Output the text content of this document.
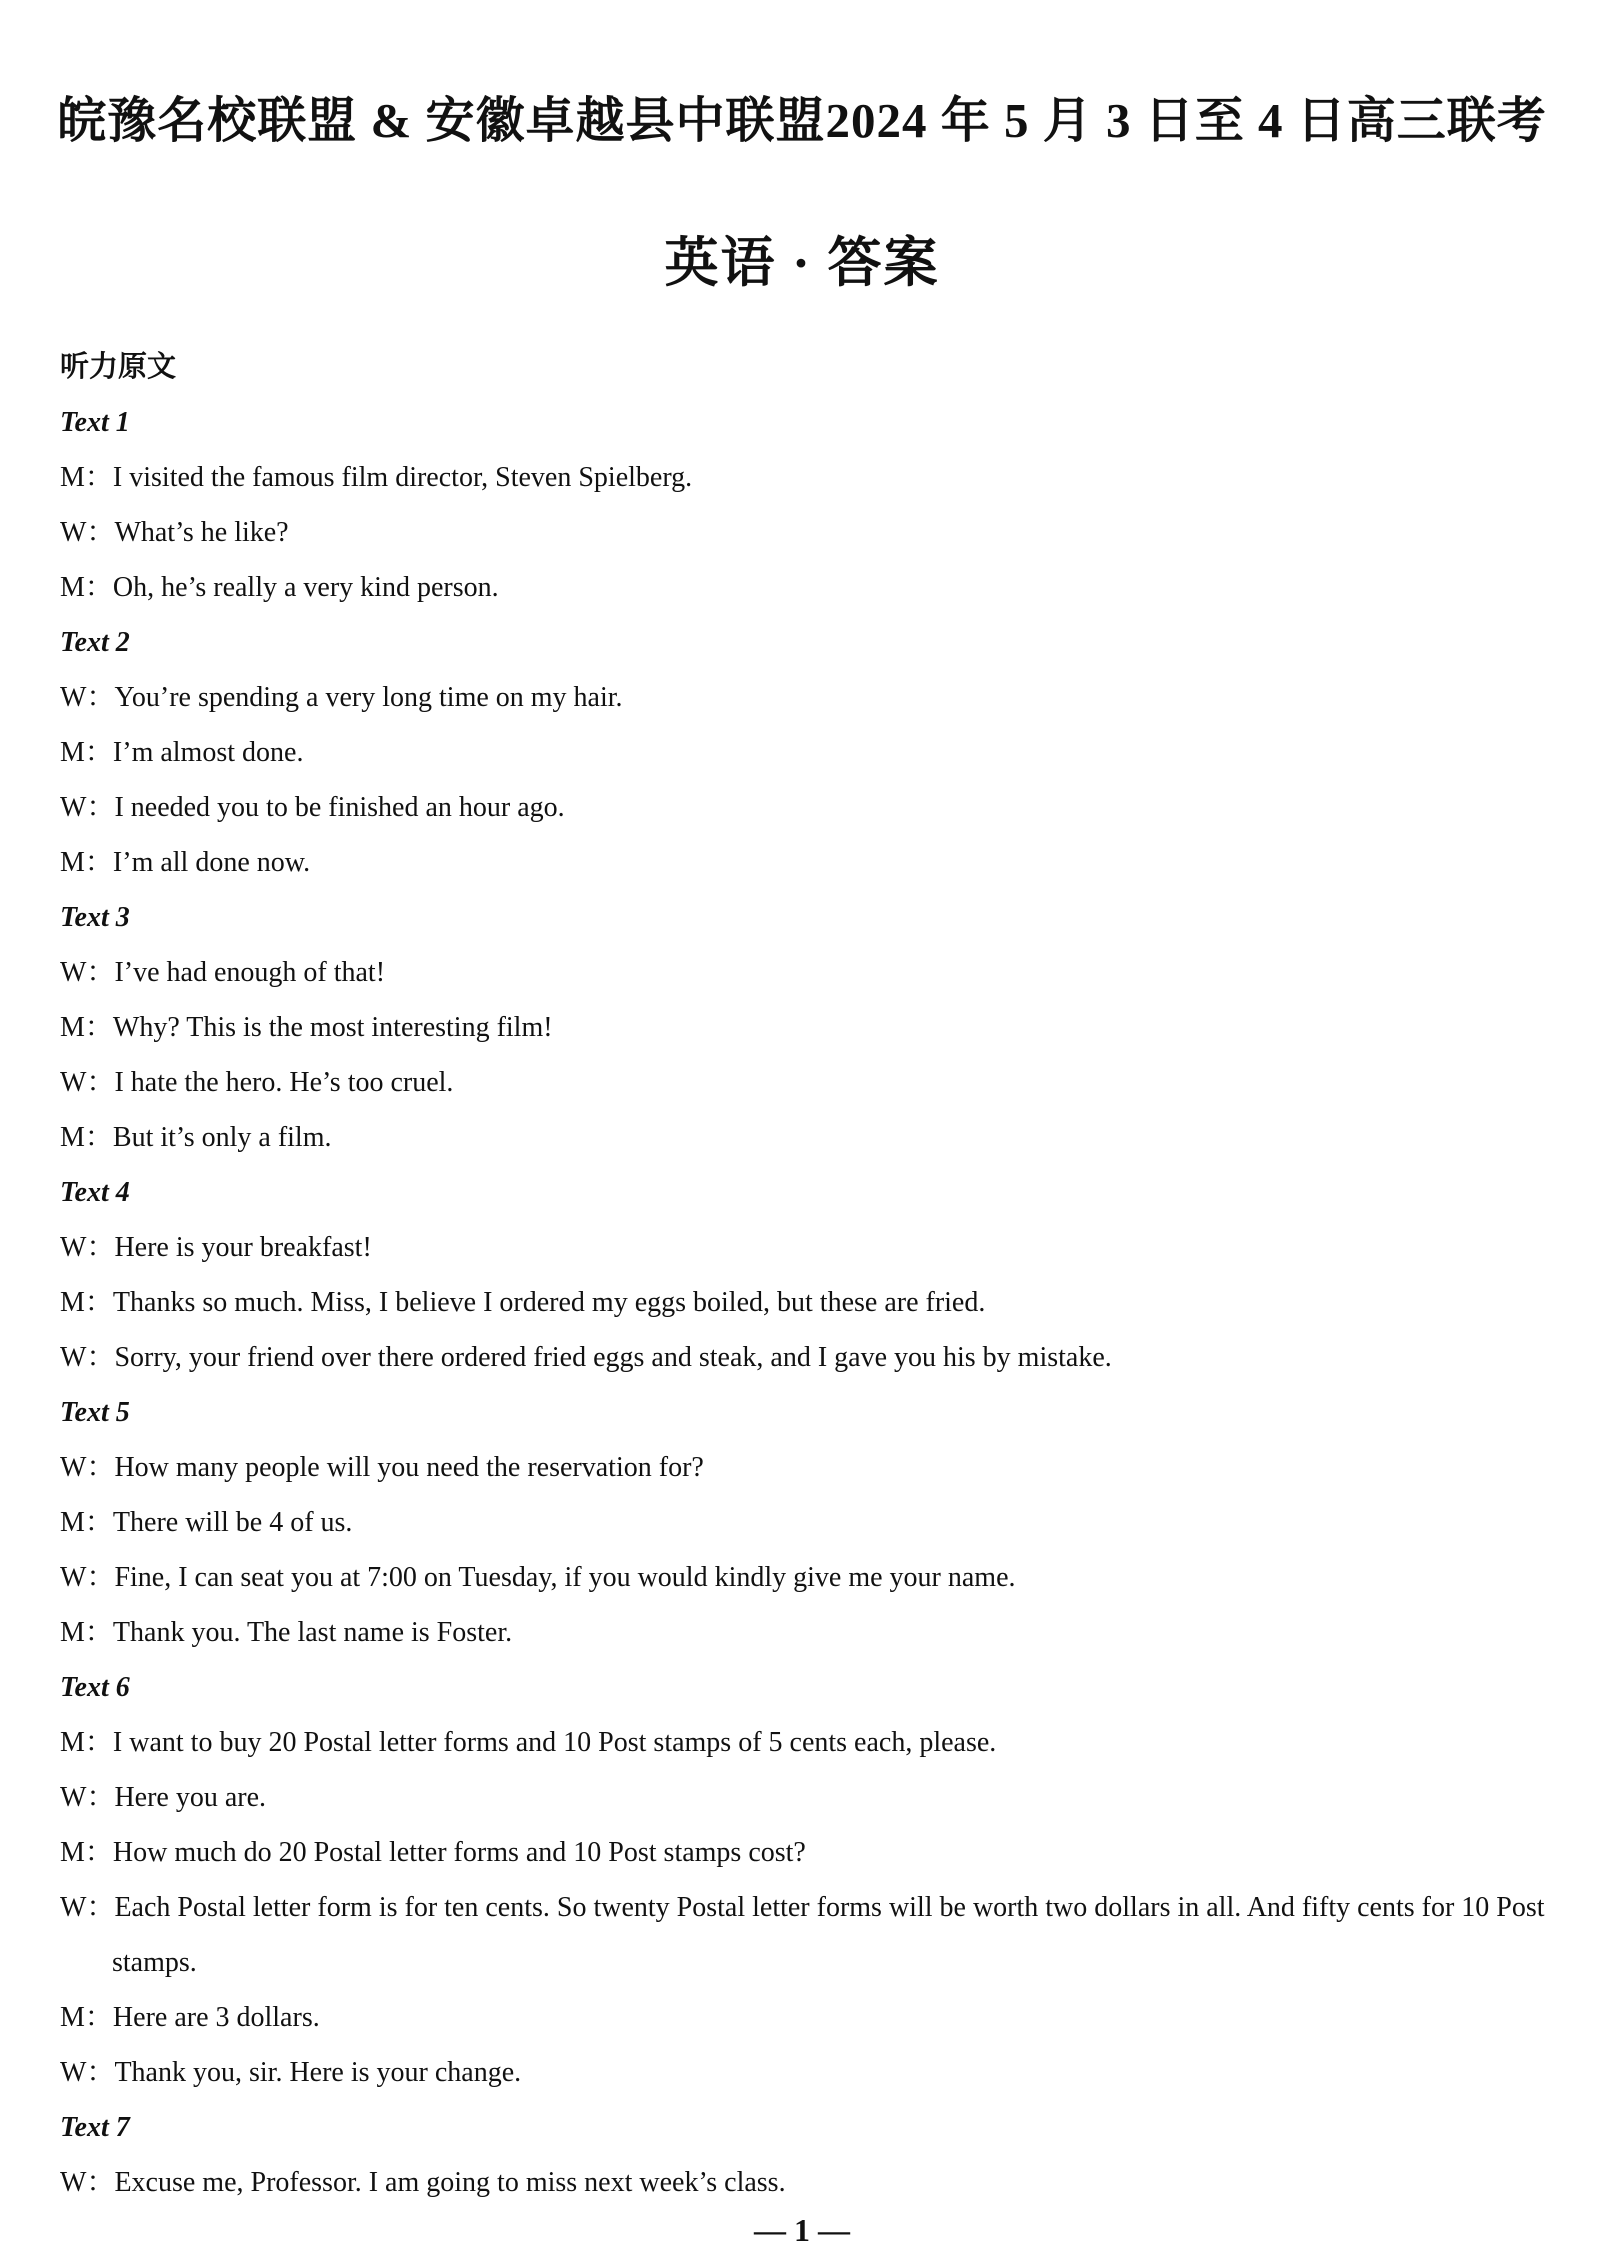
皖豫名校联盟 & 安徽卓越县中联盟2024 年 5 月 3 日至 4 日高三联考
英语 · 答案
听力原文
Text 1
M：I visited the famous film director, Steven Spielberg.
W：What’s he like?
M：Oh, he’s really a very kind person.
Text 2
W：You’re spending a very long time on my hair.
M：I’m almost done.
W：I needed you to be finished an hour ago.
M：I’m all done now.
Text 3
W：I’ve had enough of that!
M：Why? This is the most interesting film!
W：I hate the hero. He’s too cruel.
M：But it’s only a film.
Text 4
W：Here is your breakfast!
M：Thanks so much. Miss, I believe I ordered my eggs boiled, but these are fried.
W：Sorry, your friend over there ordered fried eggs and steak, and I gave you his by mistake.
Text 5
W：How many people will you need the reservation for?
M：There will be 4 of us.
W：Fine, I can seat you at 7:00 on Tuesday, if you would kindly give me your name.
M：Thank you. The last name is Foster.
Text 6
M：I want to buy 20 Postal letter forms and 10 Post stamps of 5 cents each, please.
W：Here you are.
M：How much do 20 Postal letter forms and 10 Post stamps cost?
W：Each Postal letter form is for ten cents. So twenty Postal letter forms will be worth two dollars in all. And fifty cents for 10 Post stamps.
M：Here are 3 dollars.
W：Thank you, sir. Here is your change.
Text 7
W：Excuse me, Professor. I am going to miss next week’s class.
— 1 —
